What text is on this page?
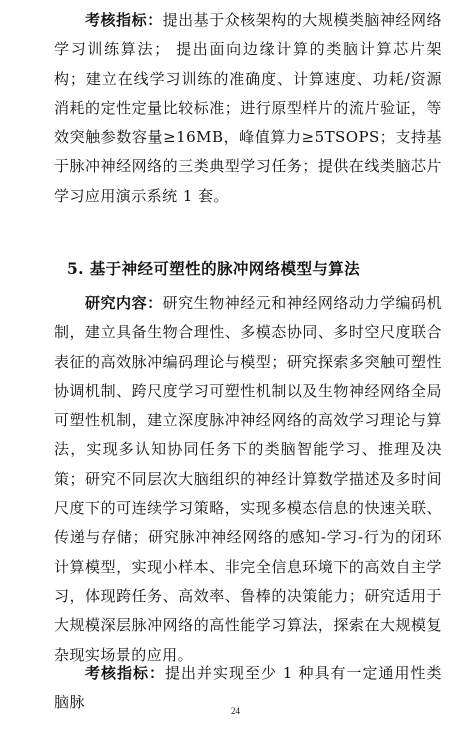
考核指标：提出基于众核架构的大规模类脑神经网络学习训练算法； 提出面向边缘计算的类脑计算芯片架构；建立在线学习训练的准确度、计算速度、功耗/资源消耗的定性定量比较标准；进行原型样片的流片验证，等效突触参数容量≥16MB，峰值算力≥5TSOPS；支持基于脉冲神经网络的三类典型学习任务；提供在线类脑芯片学习应用演示系统 1 套。

5. 基于神经可塑性的脉冲网络模型与算法

研究内容：研究生物神经元和神经网络动力学编码机制，建立具备生物合理性、多模态协同、多时空尺度联合表征的高效脉冲编码理论与模型；研究探索多突触可塑性协调机制、跨尺度学习可塑性机制以及生物神经网络全局可塑性机制，建立深度脉冲神经网络的高效学习理论与算法，实现多认知协同任务下的类脑智能学习、推理及决策；研究不同层次大脑组织的神经计算数学描述及多时间尺度下的可连续学习策略，实现多模态信息的快速关联、传递与存储；研究脉冲神经网络的感知-学习-行为的闭环计算模型，实现小样本、非完全信息环境下的高效自主学习，体现跨任务、高效率、鲁棒的决策能力；研究适用于大规模深层脉冲网络的高性能学习算法，探索在大规模复杂现实场景的应用。

考核指标：提出并实现至少 1 种具有一定通用性类脑脉	24
